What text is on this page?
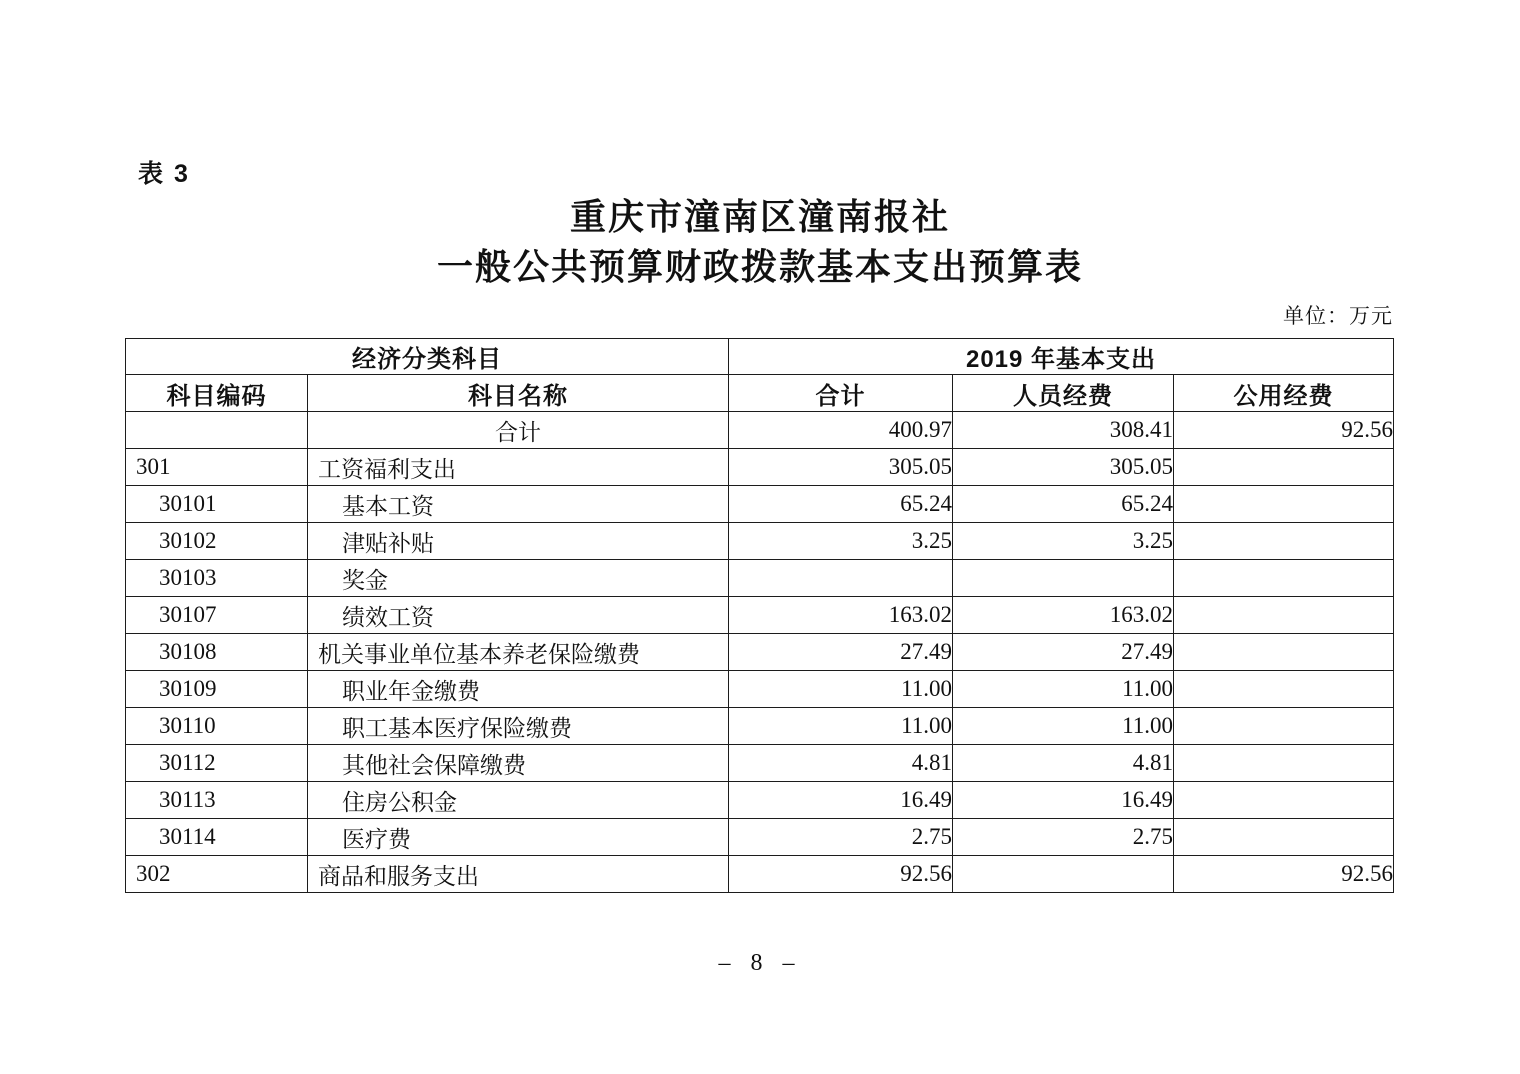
表 3
重庆市潼南区潼南报社
一般公共预算财政拨款基本支出预算表
单位：万元
经济分类科目		2019 年基本支出		
科目编码	科目名称	合计	人员经费	公用经费
	合计	400.97	308.41	92.56
301	工资福利支出	305.05	305.05	
30101	基本工资	65.24	65.24	
30102	津贴补贴	3.25	3.25	
30103	奖金			
30107	绩效工资	163.02	163.02	
30108	机关事业单位基本养老保险缴费	27.49	27.49	
30109	职业年金缴费	11.00	11.00	
30110	职工基本医疗保险缴费	11.00	11.00	
30112	其他社会保障缴费	4.81	4.81	
30113	住房公积金	16.49	16.49	
30114	医疗费	2.75	2.75	
302	商品和服务支出	92.56		92.56
– 8 –
